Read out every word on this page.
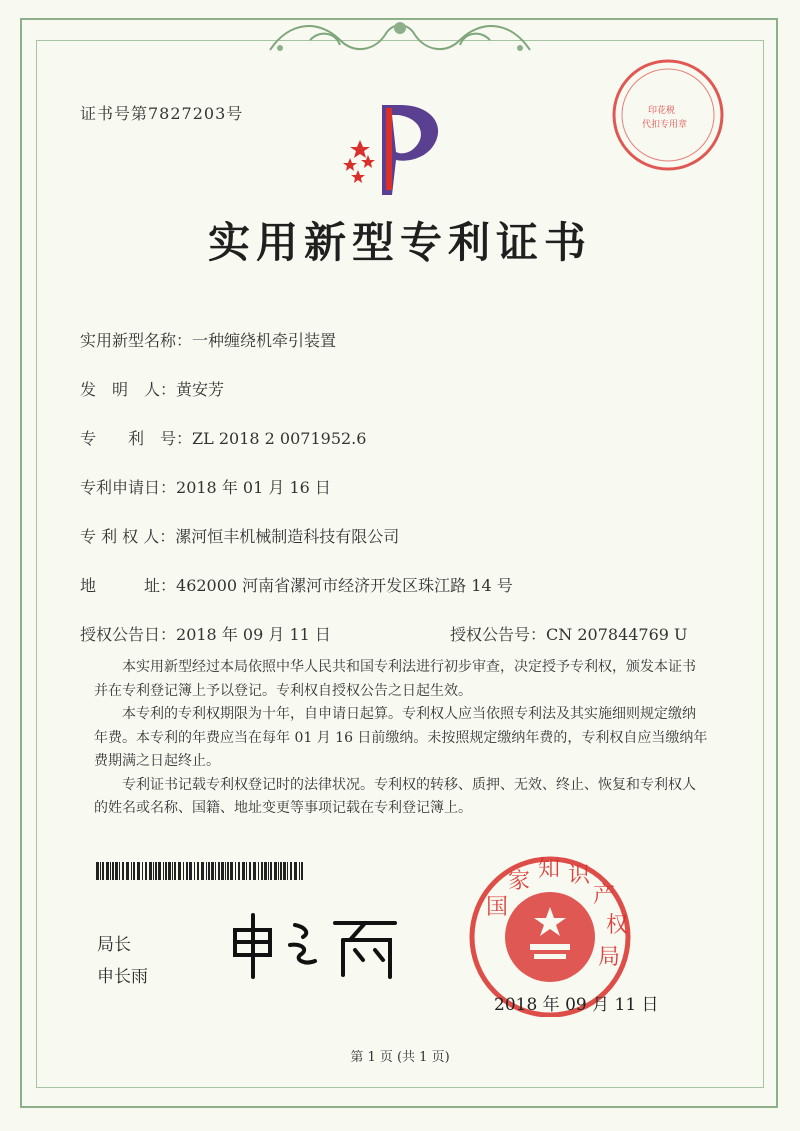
证书号第7827203号
实用新型专利证书
实用新型名称：一种缠绕机牵引装置
发　明　人：黄安芳
专　　利　号：ZL 2018 2 0071952.6
专利申请日：2018 年 01 月 16 日
专 利 权 人：漯河恒丰机械制造科技有限公司
地　　　址：462000 河南省漯河市经济开发区珠江路 14 号
授权公告日：2018 年 09 月 11 日	授权公告号：CN 207844769 U

本实用新型经过本局依照中华人民共和国专利法进行初步审查，决定授予专利权，颁发本证书并在专利登记簿上予以登记。专利权自授权公告之日起生效。

本专利的专利权期限为十年，自申请日起算。专利权人应当依照专利法及其实施细则规定缴纳年费。本专利的年费应当在每年 01 月 16 日前缴纳。未按照规定缴纳年费的，专利权自应当缴纳年费期满之日起终止。

专利证书记载专利权登记时的法律状况。专利权的转移、质押、无效、终止、恢复和专利权人的姓名或名称、国籍、地址变更等事项记载在专利登记簿上。

局长
申长雨
国
家 知 识
产
权
局
2018 年 09 月 11 日
印花税
代扣专用章
第 1 页 (共 1 页)
